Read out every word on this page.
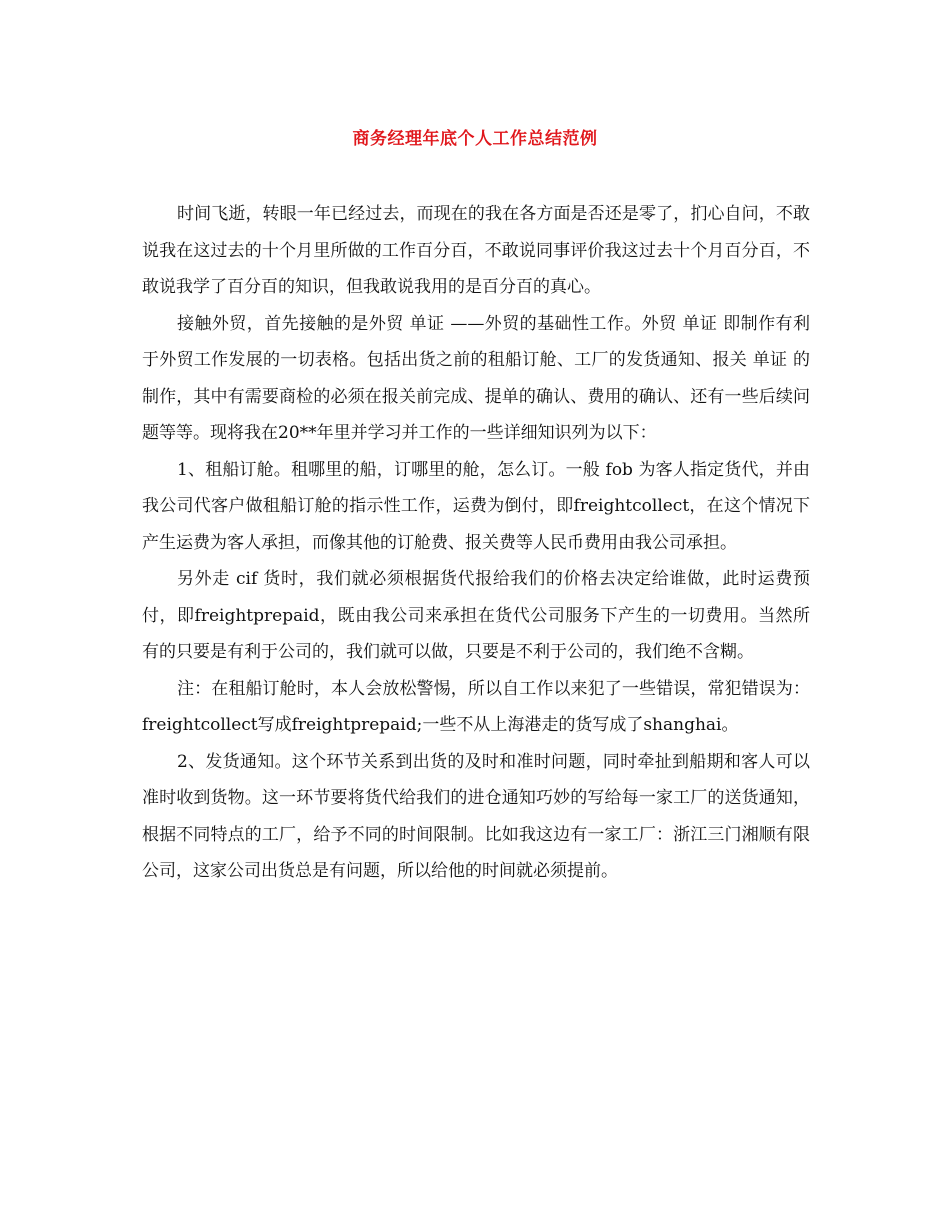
商务经理年底个人工作总结范例

时间飞逝，转眼一年已经过去，而现在的我在各方面是否还是零了，扪心自问，不敢说我在这过去的十个月里所做的工作百分百，不敢说同事评价我这过去十个月百分百，不敢说我学了百分百的知识，但我敢说我用的是百分百的真心。

接触外贸，首先接触的是外贸 单证 ——外贸的基础性工作。外贸 单证 即制作有利于外贸工作发展的一切表格。包括出货之前的租船订舱、工厂的发货通知、报关 单证 的制作，其中有需要商检的必须在报关前完成、提单的确认、费用的确认、还有一些后续问题等等。现将我在20**年里并学习并工作的一些详细知识列为以下：

1、租船订舱。租哪里的船，订哪里的舱，怎么订。一般 fob 为客人指定货代，并由我公司代客户做租船订舱的指示性工作，运费为倒付，即freightcollect，在这个情况下产生运费为客人承担，而像其他的订舱费、报关费等人民币费用由我公司承担。

另外走 cif 货时，我们就必须根据货代报给我们的价格去决定给谁做，此时运费预付，即freightprepaid，既由我公司来承担在货代公司服务下产生的一切费用。当然所有的只要是有利于公司的，我们就可以做，只要是不利于公司的，我们绝不含糊。

注：在租船订舱时，本人会放松警惕，所以自工作以来犯了一些错误，常犯错误为：freightcollect写成freightprepaid;一些不从上海港走的货写成了shanghai。

2、发货通知。这个环节关系到出货的及时和准时问题，同时牵扯到船期和客人可以准时收到货物。这一环节要将货代给我们的进仓通知巧妙的写给每一家工厂的送货通知，根据不同特点的工厂，给予不同的时间限制。比如我这边有一家工厂：浙江三门湘顺有限公司，这家公司出货总是有问题，所以给他的时间就必须提前。
